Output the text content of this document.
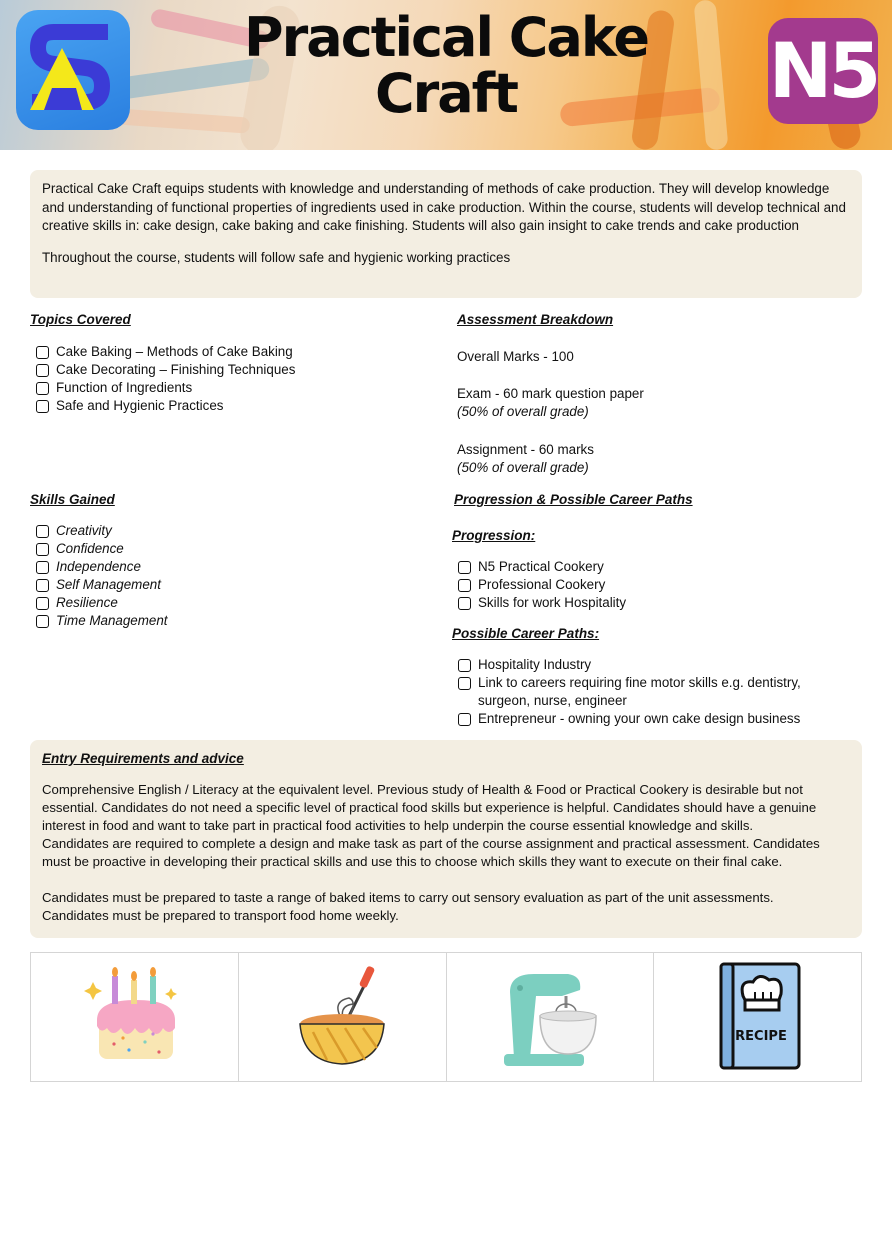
Practical Cake
Craft	N5

Practical Cake Craft equips students with knowledge and understanding of methods of cake production. They will develop knowledge and understanding of functional properties of ingredients used in cake production. Within the course, students will develop technical and creative skills in: cake design, cake baking and cake finishing. Students will also gain insight to cake trends and cake production

Throughout the course, students will follow safe and hygienic working practices

Topics Covered
Cake Baking – Methods of Cake Baking
Cake Decorating – Finishing Techniques
Function of Ingredients
Safe and Hygienic Practices
Assessment Breakdown
Overall Marks - 100
Exam - 60 mark question paper
(50% of overall grade)
Assignment - 60 marks
(50% of overall grade)
Skills Gained
Creativity
Confidence
Independence
Self Management
Resilience
Time Management
Progression & Possible Career Paths
Progression:
N5 Practical Cookery
Professional Cookery
Skills for work Hospitality
Possible Career Paths:
Hospitality Industry
Link to careers requiring fine motor skills e.g. dentistry, surgeon, nurse, engineer
Entrepreneur - owning your own cake design business
Entry Requirements and advice

Comprehensive English / Literacy at the equivalent level. Previous study of Health & Food or Practical Cookery is desirable but not essential. Candidates do not need a specific level of practical food skills but experience is helpful. Candidates should have a genuine interest in food and want to take part in practical food activities to help underpin the course essential knowledge and skills.

Candidates are required to complete a design and make task as part of the course assignment and practical assessment. Candidates must be proactive in developing their practical skills and use this to choose which skills they want to execute on their final cake.

Candidates must be prepared to taste a range of baked items to carry out sensory evaluation as part of the unit assessments.

Candidates must be prepared to transport food home weekly.

RECIPE
